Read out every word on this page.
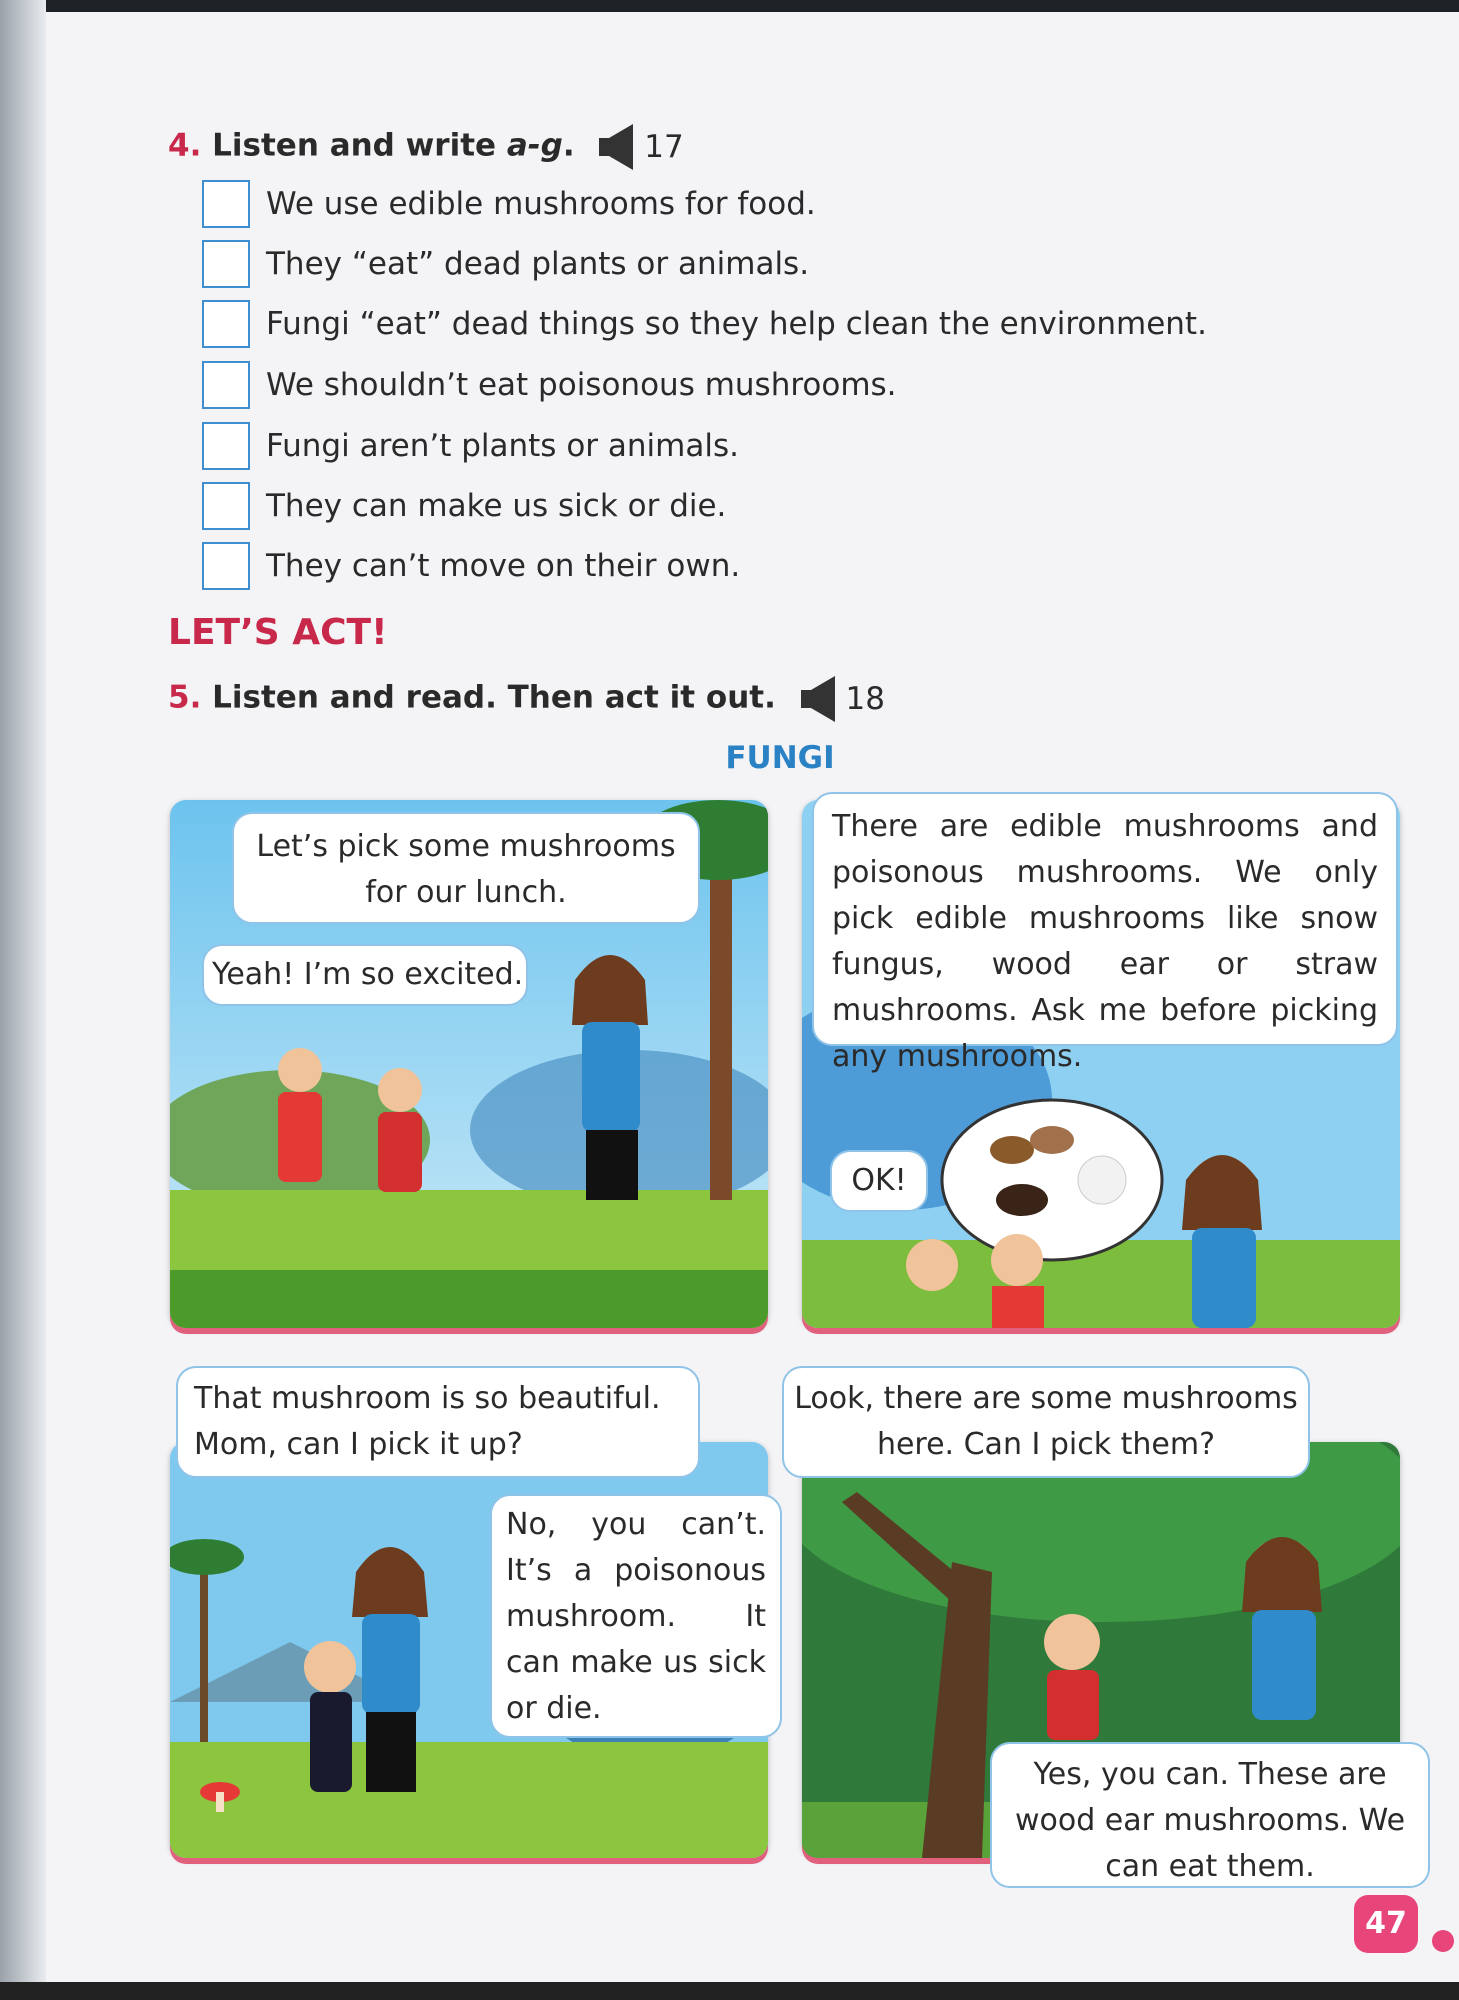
4. Listen and write a-g. 17
We use edible mushrooms for food.
They “eat” dead plants or animals.
Fungi “eat” dead things so they help clean the environment.
We shouldn’t eat poisonous mushrooms.
Fungi aren’t plants or animals.
They can make us sick or die.
They can’t move on their own.
LET’S ACT!
5. Listen and read. Then act it out. 18
FUNGI
Let’s pick some mushrooms for our lunch.
Yeah! I’m so excited.
There are edible mushrooms and poisonous mushrooms. We only pick edible mushrooms like snow fungus, wood ear or straw mushrooms. Ask me before picking any mushrooms.
OK!
That mushroom is so beautiful. Mom, can I pick it up?
No, you can’t. It’s a poisonous mushroom. It can make us sick or die.
Look, there are some mushrooms here. Can I pick them?
Yes, you can. These are wood ear mushrooms. We can eat them.
47
